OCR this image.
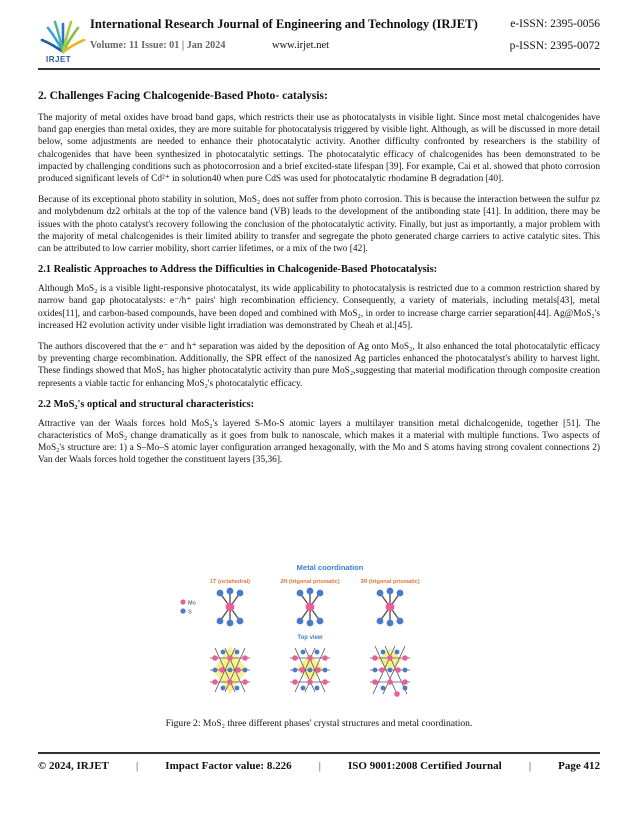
IRJET
International Research Journal of Engineering and Technology (IRJET)	e-ISSN: 2395-0056
Volume: 11 Issue: 01 | Jan 2024	www.irjet.net	p-ISSN: 2395-0072
2. Challenges Facing Chalcogenide-Based Photo- catalysis:

The majority of metal oxides have broad band gaps, which restricts their use as photocatalysts in visible light. Since most metal chalcogenides have band gap energies than metal oxides, they are more suitable for photocatalysis triggered by visible light. Although, as will be discussed in more detail below, some adjustments are needed to enhance their photocatalytic activity. Another difficulty confronted by researchers is the stability of chalcogenides that have been synthesized in photocatalytic settings. The photocatalytic efficacy of chalcogenides has been demonstrated to be impacted by challenging conditions such as photocorrosion and a brief excited-state lifespan [39]. For example, Cai et al. showed that photo corrosion produced significant levels of Cd²⁺ in solution40 when pure CdS was used for photocatalytic rhodamine B degradation [40].

Because of its exceptional photo stability in solution, MoS₂ does not suffer from photo corrosion. This is because the interaction between the sulfur pz and molybdenum dz2 orbitals at the top of the valence band (VB) leads to the development of the antibonding state [41]. In addition, there may be issues with the photo catalyst's recovery following the conclusion of the photocatalytic activity. Finally, but just as importantly, a major problem with the majority of metal chalcogenides is their limited ability to transfer and segregate the photo generated charge carriers to active catalytic sites. This can be attributed to low carrier mobility, short carrier lifetimes, or a mix of the two [42].

2.1 Realistic Approaches to Address the Difficulties in Chalcogenide-Based Photocatalysis:

Although MoS₂ is a visible light-responsive photocatalyst, its wide applicability to photocatalysis is restricted due to a common restriction shared by narrow band gap photocatalysts: e⁻/h⁺ pairs' high recombination efficiency. Consequently, a variety of materials, including metals[43], metal oxides[11], and carbon-based compounds, have been doped and combined with MoS₂, in order to increase charge carrier separation[44]. Ag@MoS₂'s increased H2 evolution activity under visible light irradiation was demonstrated by Cheah et al.[45].

The authors discovered that the e⁻ and h⁺ separation was aided by the deposition of Ag onto MoS₂, It also enhanced the total photocatalytic efficacy by preventing charge recombination. Additionally, the SPR effect of the nanosized Ag particles enhanced the photocatalyst's ability to harvest light. These findings showed that MoS₂ has higher photocatalytic activity than pure MoS₂,suggesting that material modification through composite creation represents a viable tactic for enhancing MoS₂'s photocatalytic efficacy.

2.2 MoS₂'s optical and structural characteristics:

Attractive van der Waals forces hold MoS₂'s layered S-Mo-S atomic layers a multilayer transition metal dichalcogenide, together [51]. The characteristics of MoS₂ change dramatically as it goes from bulk to nanoscale, which makes it a material with multiple functions. Two aspects of MoS₂'s structure are: 1) a S–Mo–S atomic layer configuration arranged hexagonally, with the Mo and S atoms having strong covalent connections 2) Van der Waals forces hold together the constituent layers [35,36].

Metal coordination
1T (octahedral)	2H (trigonal prismatic)	3R (trigonal prismatic)
Mo
S
Top view
Figure 2: MoS₂ three different phases' crystal structures and metal coordination.
© 2024, IRJET | Impact Factor value: 8.226 | ISO 9001:2008 Certified Journal | Page 412
